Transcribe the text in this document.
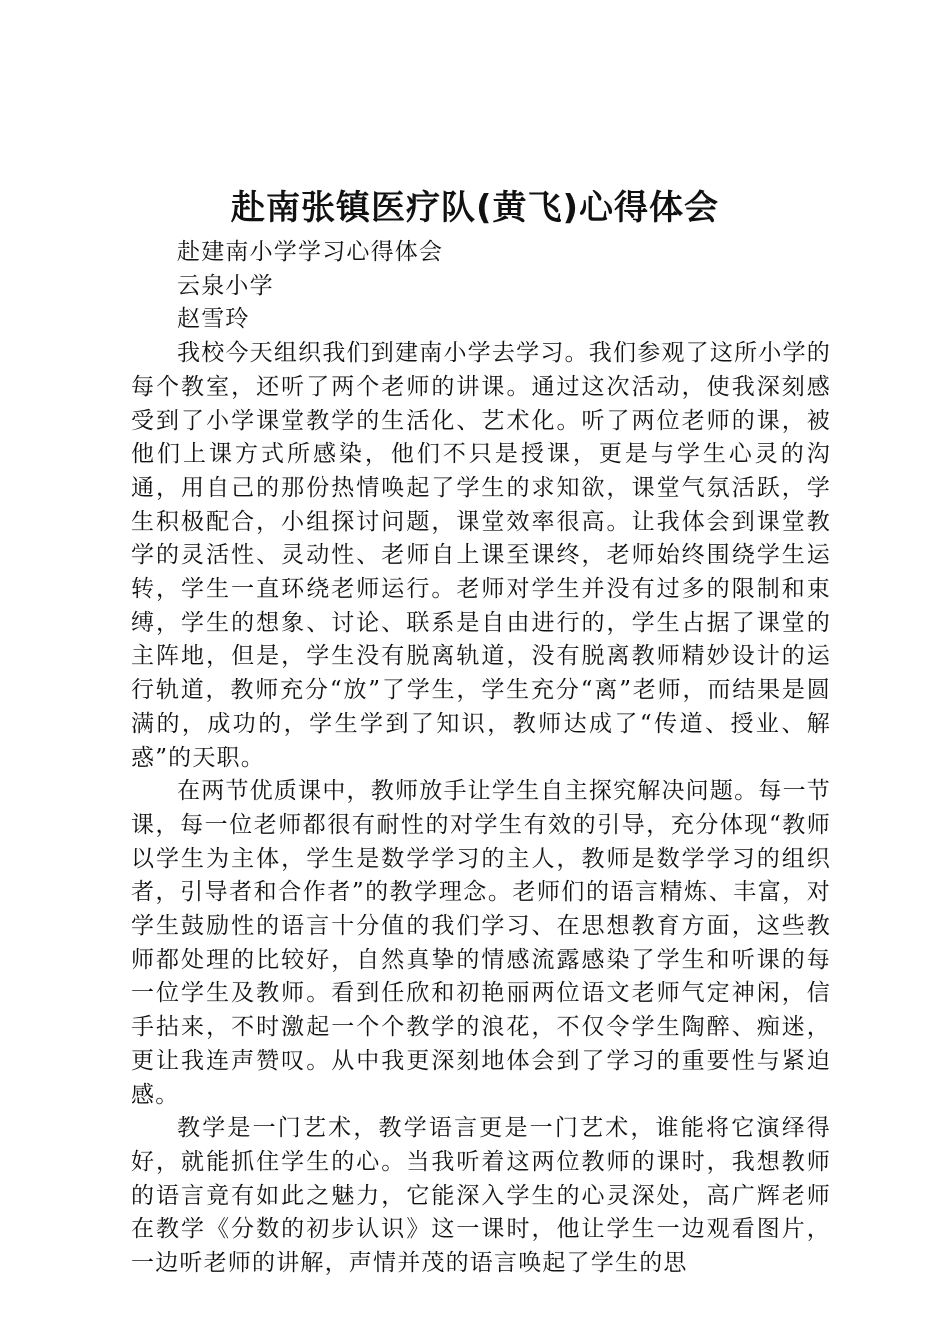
赴南张镇医疗队(黄飞)心得体会

赴建南小学学习心得体会

云泉小学

赵雪玲

我校今天组织我们到建南小学去学习。我们参观了这所小学的每个教室，还听了两个老师的讲课。通过这次活动，使我深刻感受到了小学课堂教学的生活化、艺术化。听了两位老师的课，被他们上课方式所感染，他们不只是授课，更是与学生心灵的沟通，用自己的那份热情唤起了学生的求知欲，课堂气氛活跃，学生积极配合，小组探讨问题，课堂效率很高。让我体会到课堂教学的灵活性、灵动性、老师自上课至课终，老师始终围绕学生运转，学生一直环绕老师运行。老师对学生并没有过多的限制和束缚，学生的想象、讨论、联系是自由进行的，学生占据了课堂的主阵地，但是，学生没有脱离轨道，没有脱离教师精妙设计的运行轨道，教师充分“放”了学生，学生充分“离”老师，而结果是圆满的，成功的，学生学到了知识，教师达成了“传道、授业、解惑”的天职。

在两节优质课中，教师放手让学生自主探究解决问题。每一节课，每一位老师都很有耐性的对学生有效的引导，充分体现“教师以学生为主体，学生是数学学习的主人，教师是数学学习的组织者，引导者和合作者”的教学理念。老师们的语言精炼、丰富，对学生鼓励性的语言十分值的我们学习、在思想教育方面，这些教师都处理的比较好，自然真挚的情感流露感染了学生和听课的每一位学生及教师。看到任欣和初艳丽两位语文老师气定神闲，信手拈来，不时激起一个个教学的浪花，不仅令学生陶醉、痴迷，更让我连声赞叹。从中我更深刻地体会到了学习的重要性与紧迫感。

教学是一门艺术，教学语言更是一门艺术，谁能将它演绎得好，就能抓住学生的心。当我听着这两位教师的课时，我想教师的语言竟有如此之魅力，它能深入学生的心灵深处，高广辉老师在教学《分数的初步认识》这一课时，他让学生一边观看图片，一边听老师的讲解，声情并茂的语言唤起了学生的思
